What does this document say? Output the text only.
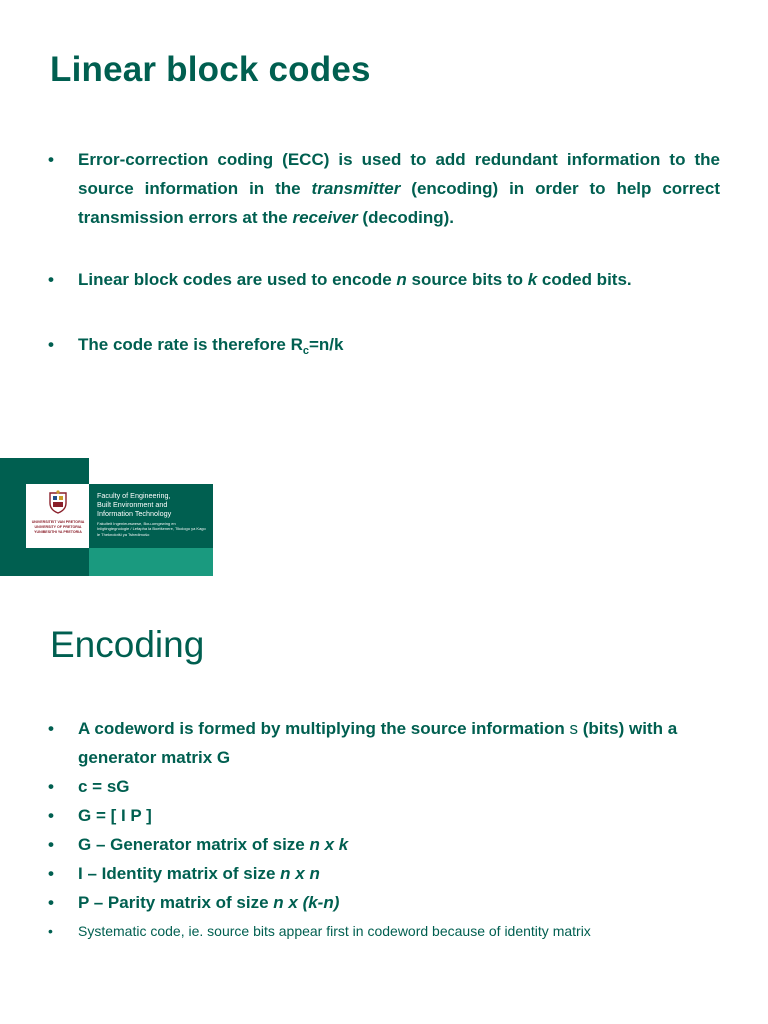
Linear block codes
• Error-correction coding (ECC) is used to add redundant information to the source information in the transmitter (encoding) in order to help correct transmission errors at the receiver (decoding).
• Linear block codes are used to encode n source bits to k coded bits.
• The code rate is therefore $R_c=n/k$
UNIVERSITEIT VAN PRETORIA UNIVERSITY OF PRETORIA YUNIBESITHI YA PRETORIA
Faculty of Engineering,
Built Environment and
Information Technology
Fakulteit Ingenieurswese, Bou-omgewing en Inligtingtegnologie / Lefapha la Boetšenere, Tikologo ya Kago le Theknolotši ya Tshedimošo
Encoding
• A codeword is formed by multiplying the source information s (bits) with a generator matrix G
• c = sG
• G = [ I P ]
• G – Generator matrix of size n x k
• I – Identity matrix of size n x n
• P – Parity matrix of size n x (k-n)
• Systematic code, ie. source bits appear first in codeword because of identity matrix
